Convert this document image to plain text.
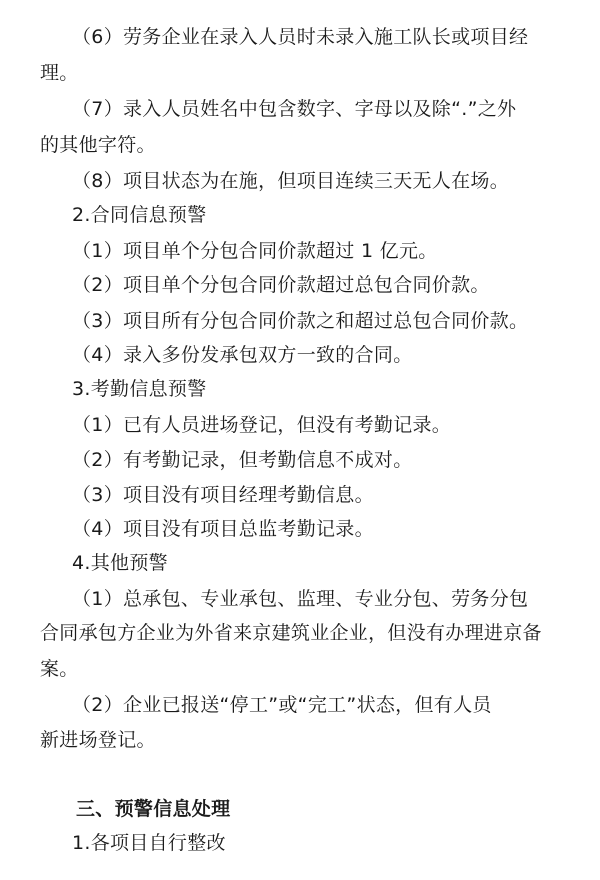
（6）劳务企业在录入人员时未录入施工队长或项目经
理。
（7）录入人员姓名中包含数字、字母以及除“.”之外
的其他字符。
（8）项目状态为在施，但项目连续三天无人在场。
2.合同信息预警
（1）项目单个分包合同价款超过 1 亿元。
（2）项目单个分包合同价款超过总包合同价款。
（3）项目所有分包合同价款之和超过总包合同价款。
（4）录入多份发承包双方一致的合同。
3.考勤信息预警
（1）已有人员进场登记，但没有考勤记录。
（2）有考勤记录，但考勤信息不成对。
（3）项目没有项目经理考勤信息。
（4）项目没有项目总监考勤记录。
4.其他预警
（1）总承包、专业承包、监理、专业分包、劳务分包
合同承包方企业为外省来京建筑业企业，但没有办理进京备
案。
（2）企业已报送“停工”或“完工”状态，但有人员
新进场登记。
三、预警信息处理
1.各项目自行整改
